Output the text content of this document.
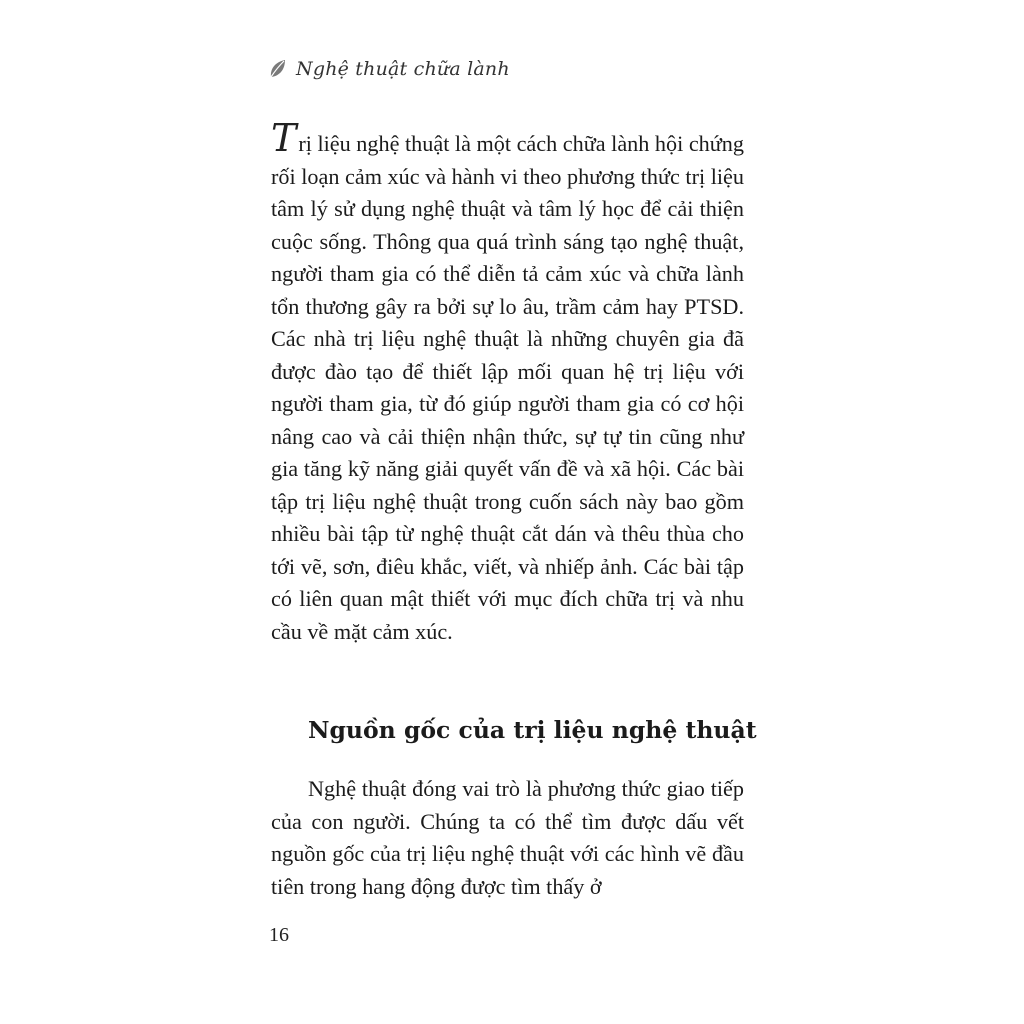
Nghệ thuật chữa lành

Trị liệu nghệ thuật là một cách chữa lành hội chứng rối loạn cảm xúc và hành vi theo phương thức trị liệu tâm lý sử dụng nghệ thuật và tâm lý học để cải thiện cuộc sống. Thông qua quá trình sáng tạo nghệ thuật, người tham gia có thể diễn tả cảm xúc và chữa lành tổn thương gây ra bởi sự lo âu, trầm cảm hay PTSD. Các nhà trị liệu nghệ thuật là những chuyên gia đã được đào tạo để thiết lập mối quan hệ trị liệu với người tham gia, từ đó giúp người tham gia có cơ hội nâng cao và cải thiện nhận thức, sự tự tin cũng như gia tăng kỹ năng giải quyết vấn đề và xã hội. Các bài tập trị liệu nghệ thuật trong cuốn sách này bao gồm nhiều bài tập từ nghệ thuật cắt dán và thêu thùa cho tới vẽ, sơn, điêu khắc, viết, và nhiếp ảnh. Các bài tập có liên quan mật thiết với mục đích chữa trị và nhu cầu về mặt cảm xúc.

Nguồn gốc của trị liệu nghệ thuật

Nghệ thuật đóng vai trò là phương thức giao tiếp của con người. Chúng ta có thể tìm được dấu vết nguồn gốc của trị liệu nghệ thuật với các hình vẽ đầu tiên trong hang động được tìm thấy ở

16
